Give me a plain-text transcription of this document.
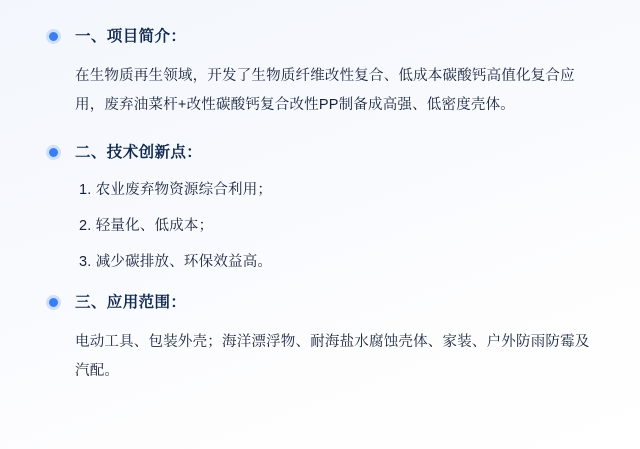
一、项目简介：

在生物质再生领域，开发了生物质纤维改性复合、低成本碳酸钙高值化复合应用，废弃油菜杆+改性碳酸钙复合改性PP制备成高强、低密度壳体。

二、技术创新点：

1. 农业废弃物资源综合利用；

2. 轻量化、低成本；

3. 减少碳排放、环保效益高。

三、应用范围：

电动工具、包装外壳；海洋漂浮物、耐海盐水腐蚀壳体、家装、户外防雨防霉及汽配。
